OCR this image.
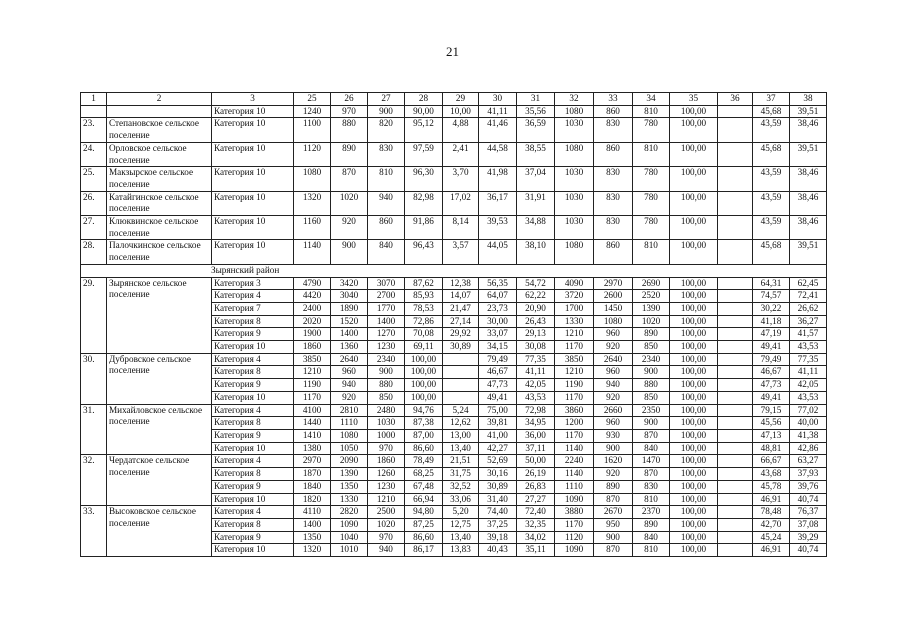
21
1	2	3	25	26	27	28	29	30	31	32	33	34	35	36	37	38
		Категория 10	1240	970	900	90,00	10,00	41,11	35,56	1080	860	810	100,00		45,68	39,51
23.	Степановское сельское поселение	Категория 10	1100	880	820	95,12	4,88	41,46	36,59	1030	830	780	100,00		43,59	38,46
24.	Орловское сельское поселение	Категория 10	1120	890	830	97,59	2,41	44,58	38,55	1080	860	810	100,00		45,68	39,51
25.	Макзырское сельское поселение	Категория 10	1080	870	810	96,30	3,70	41,98	37,04	1030	830	780	100,00		43,59	38,46
26.	Катайгинское сельское поселение	Категория 10	1320	1020	940	82,98	17,02	36,17	31,91	1030	830	780	100,00		43,59	38,46
27.	Клюквинское сельское поселение	Категория 10	1160	920	860	91,86	8,14	39,53	34,88	1030	830	780	100,00		43,59	38,46
28.	Палочкинское сельское поселение	Категория 10	1140	900	840	96,43	3,57	44,05	38,10	1080	860	810	100,00		45,68	39,51
Зырянский район																
29.	Зырянское сельское поселение	Категория 3	4790	3420	3070	87,62	12,38	56,35	54,72	4090	2970	2690	100,00		64,31	62,45
		Категория 4	4420	3040	2700	85,93	14,07	64,07	62,22	3720	2600	2520	100,00		74,57	72,41
		Категория 7	2400	1890	1770	78,53	21,47	23,73	20,90	1700	1450	1390	100,00		30,22	26,62
		Категория 8	2020	1520	1400	72,86	27,14	30,00	26,43	1330	1080	1020	100,00		41,18	36,27
		Категория 9	1900	1400	1270	70,08	29,92	33,07	29,13	1210	960	890	100,00		47,19	41,57
		Категория 10	1860	1360	1230	69,11	30,89	34,15	30,08	1170	920	850	100,00		49,41	43,53
30.	Дубровское сельское поселение	Категория 4	3850	2640	2340	100,00		79,49	77,35	3850	2640	2340	100,00		79,49	77,35
		Категория 8	1210	960	900	100,00		46,67	41,11	1210	960	900	100,00		46,67	41,11
		Категория 9	1190	940	880	100,00		47,73	42,05	1190	940	880	100,00		47,73	42,05
		Категория 10	1170	920	850	100,00		49,41	43,53	1170	920	850	100,00		49,41	43,53
31.	Михайловское сельское поселение	Категория 4	4100	2810	2480	94,76	5,24	75,00	72,98	3860	2660	2350	100,00		79,15	77,02
		Категория 8	1440	1110	1030	87,38	12,62	39,81	34,95	1200	960	900	100,00		45,56	40,00
		Категория 9	1410	1080	1000	87,00	13,00	41,00	36,00	1170	930	870	100,00		47,13	41,38
		Категория 10	1380	1050	970	86,60	13,40	42,27	37,11	1140	900	840	100,00		48,81	42,86
32.	Чердатское сельское поселение	Категория 4	2970	2090	1860	78,49	21,51	52,69	50,00	2240	1620	1470	100,00		66,67	63,27
		Категория 8	1870	1390	1260	68,25	31,75	30,16	26,19	1140	920	870	100,00		43,68	37,93
		Категория 9	1840	1350	1230	67,48	32,52	30,89	26,83	1110	890	830	100,00		45,78	39,76
		Категория 10	1820	1330	1210	66,94	33,06	31,40	27,27	1090	870	810	100,00		46,91	40,74
33.	Высоковское сельское поселение	Категория 4	4110	2820	2500	94,80	5,20	74,40	72,40	3880	2670	2370	100,00		78,48	76,37
		Категория 8	1400	1090	1020	87,25	12,75	37,25	32,35	1170	950	890	100,00		42,70	37,08
		Категория 9	1350	1040	970	86,60	13,40	39,18	34,02	1120	900	840	100,00		45,24	39,29
		Категория 10	1320	1010	940	86,17	13,83	40,43	35,11	1090	870	810	100,00		46,91	40,74
